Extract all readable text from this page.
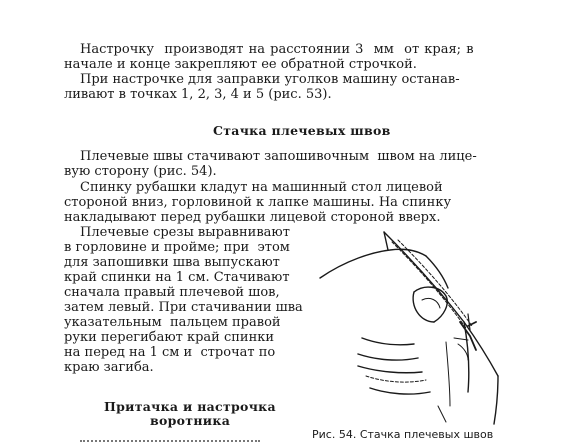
Настрочку  производят на расстоянии 3  мм  от края; в
начале и конце закрепляют ее обратной строчкой.
При настрочке для заправки уголков машину останав-
ливают в точках 1, 2, 3, 4 и 5 (рис. 53).
Стачка плечевых швов
Плечевые швы стачивают запошивочным  швом на лице-
вую сторону (рис. 54).
Спинку рубашки кладут на машинный стол лицевой
стороной вниз, горловиной к лапке машины. На спинку
накладывают перед рубашки лицевой стороной вверх.
Плечевые срезы выравнивают
в горловине и пройме; при  этом
для запошивки шва выпускают
край спинки на 1 см. Стачивают
сначала правый плечевой шов,
затем левый. При стачивании шва
указательным  пальцем правой
руки перегибают край спинки
на перед на 1 см и  строчат по
краю загиба.
Притачка и настрочка
воротника
Рис. 54. Стачка плечевых швов
